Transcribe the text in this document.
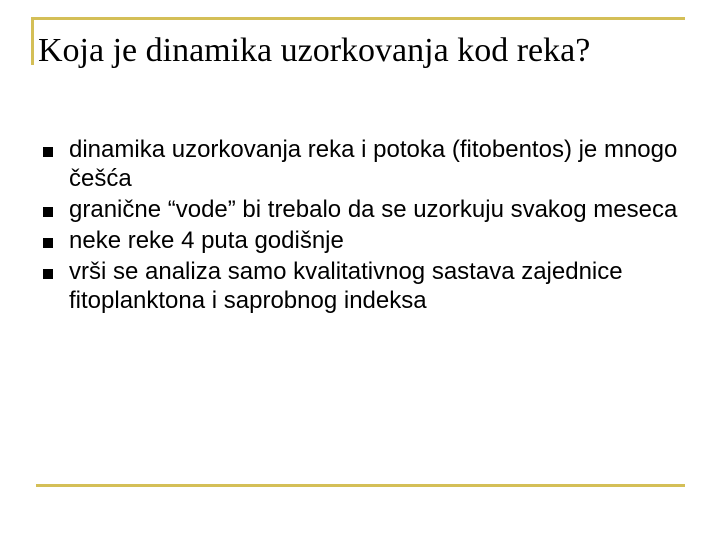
Koja je dinamika uzorkovanja kod reka?
dinamika uzorkovanja reka i potoka (fitobentos) je mnogo češća
granične “vode” bi trebalo da se uzorkuju svakog meseca
neke reke 4 puta godišnje
vrši se analiza samo kvalitativnog sastava zajednice fitoplanktona i saprobnog indeksa
